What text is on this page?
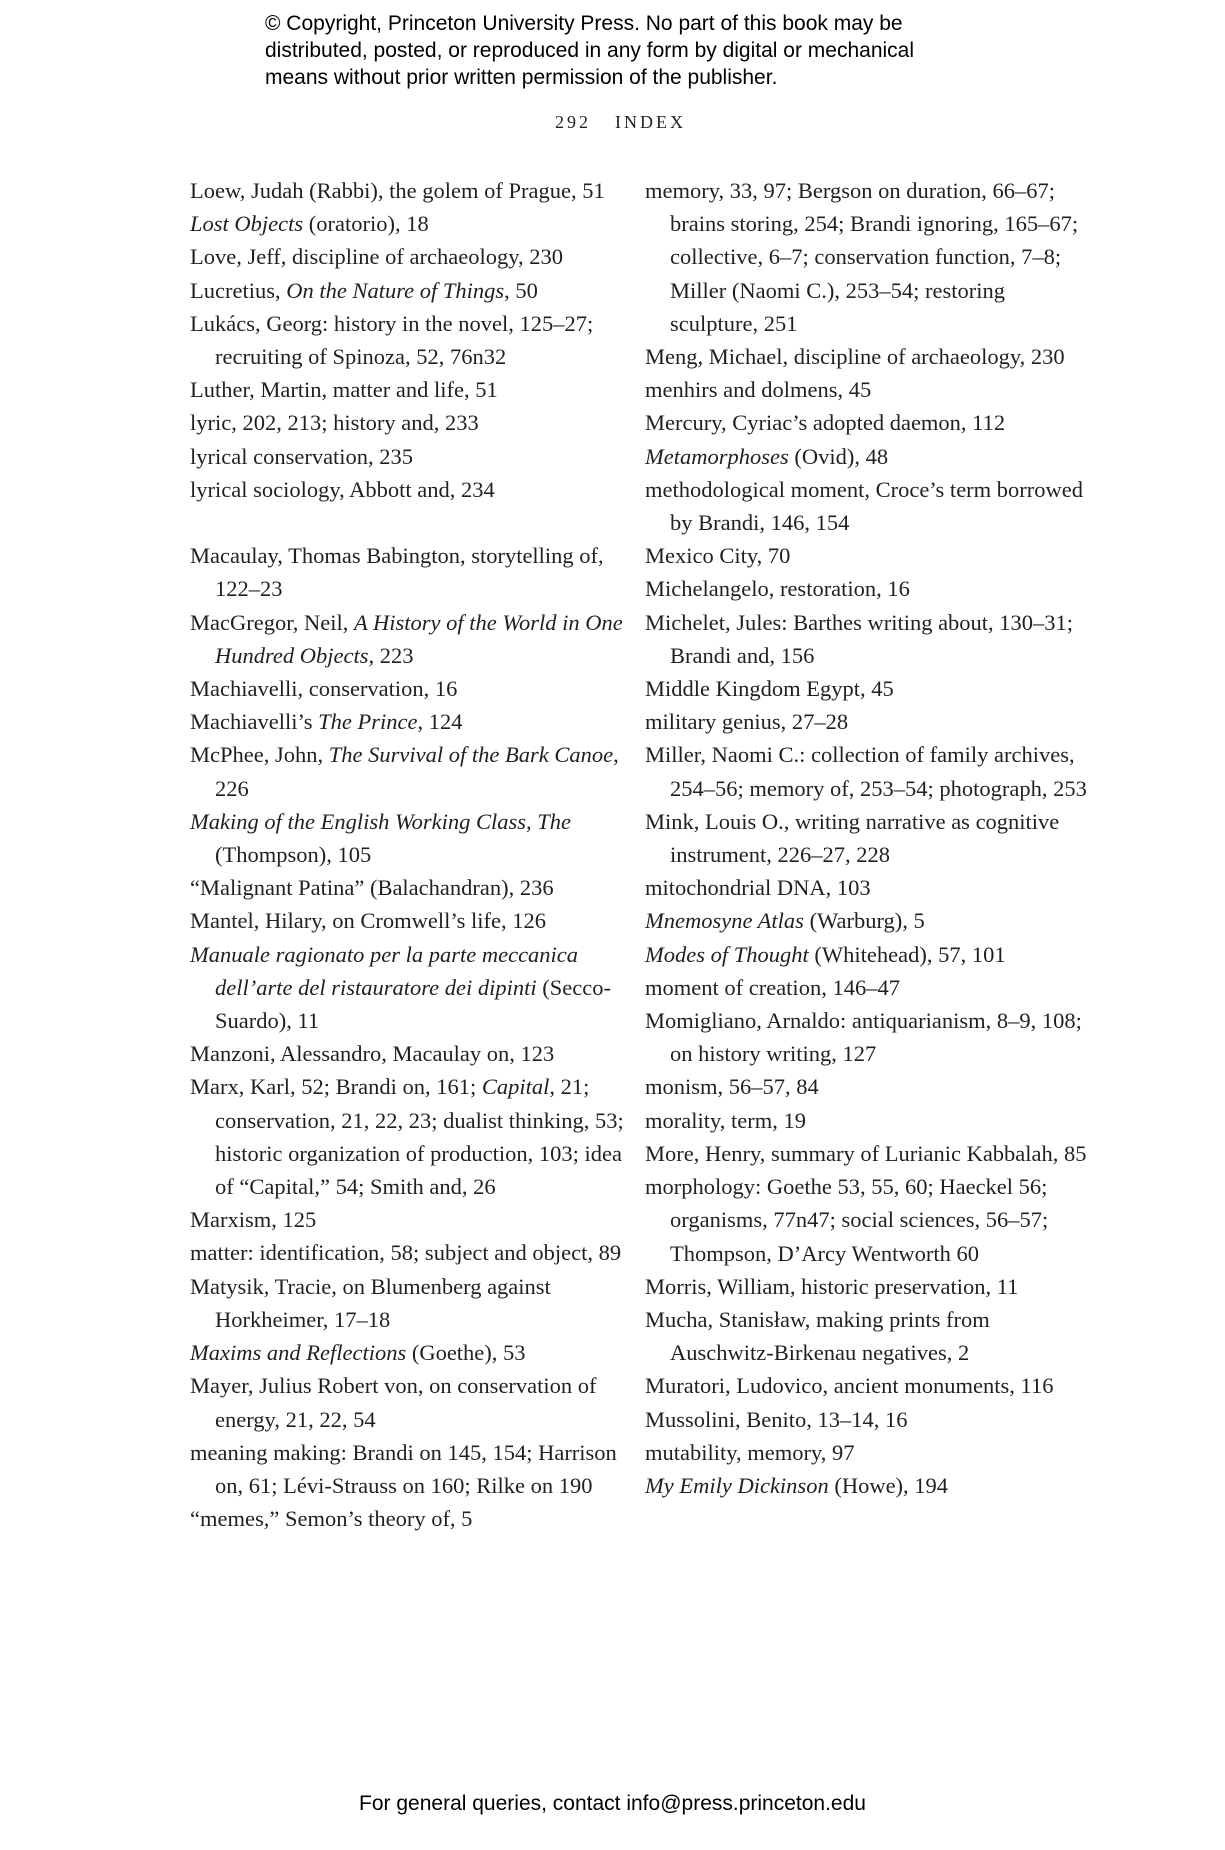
© Copyright, Princeton University Press. No part of this book may be
distributed, posted, or reproduced in any form by digital or mechanical
means without prior written permission of the publisher.
292 INDEX

Loew, Judah (Rabbi), the golem of Prague, 51

Lost Objects (oratorio), 18

Love, Jeff, discipline of archaeology, 230

Lucretius, On the Nature of Things, 50

Lukács, Georg: history in the novel, 125–27; recruiting of Spinoza, 52, 76n32

Luther, Martin, matter and life, 51

lyric, 202, 213; history and, 233

lyrical conservation, 235

lyrical sociology, Abbott and, 234

Macaulay, Thomas Babington, storytelling of, 122–23

MacGregor, Neil, A History of the World in One Hundred Objects, 223

Machiavelli, conservation, 16

Machiavelli’s The Prince, 124

McPhee, John, The Survival of the Bark Canoe, 226

Making of the English Working Class, The (Thompson), 105

“Malignant Patina” (Balachandran), 236

Mantel, Hilary, on Cromwell’s life, 126

Manuale ragionato per la parte meccanica dell’arte del ristauratore dei dipinti (Secco-Suardo), 11

Manzoni, Alessandro, Macaulay on, 123

Marx, Karl, 52; Brandi on, 161; Capital, 21; conservation, 21, 22, 23; dualist thinking, 53; historic organization of production, 103; idea of “Capital,” 54; Smith and, 26

Marxism, 125

matter: identification, 58; subject and object, 89

Matysik, Tracie, on Blumenberg against Horkheimer, 17–18

Maxims and Reflections (Goethe), 53

Mayer, Julius Robert von, on conservation of energy, 21, 22, 54

meaning making: Brandi on 145, 154; Harrison on, 61; Lévi-Strauss on 160; Rilke on 190

“memes,” Semon’s theory of, 5

memory, 33, 97; Bergson on duration, 66–67; brains storing, 254; Brandi ignoring, 165–67; collective, 6–7; conservation function, 7–8; Miller (Naomi C.), 253–54; restoring sculpture, 251

Meng, Michael, discipline of archaeology, 230

menhirs and dolmens, 45

Mercury, Cyriac’s adopted daemon, 112

Metamorphoses (Ovid), 48

methodological moment, Croce’s term borrowed by Brandi, 146, 154

Mexico City, 70

Michelangelo, restoration, 16

Michelet, Jules: Barthes writing about, 130–31; Brandi and, 156

Middle Kingdom Egypt, 45

military genius, 27–28

Miller, Naomi C.: collection of family archives, 254–56; memory of, 253–54; photograph, 253

Mink, Louis O., writing narrative as cognitive instrument, 226–27, 228

mitochondrial DNA, 103

Mnemosyne Atlas (Warburg), 5

Modes of Thought (Whitehead), 57, 101

moment of creation, 146–47

Momigliano, Arnaldo: antiquarianism, 8–9, 108; on history writing, 127

monism, 56–57, 84

morality, term, 19

More, Henry, summary of Lurianic Kabbalah, 85

morphology: Goethe 53, 55, 60; Haeckel 56; organisms, 77n47; social sciences, 56–57; Thompson, D’Arcy Wentworth 60

Morris, William, historic preservation, 11

Mucha, Stanisław, making prints from Auschwitz-Birkenau negatives, 2

Muratori, Ludovico, ancient monuments, 116

Mussolini, Benito, 13–14, 16

mutability, memory, 97

My Emily Dickinson (Howe), 194

For general queries, contact info@press.princeton.edu
